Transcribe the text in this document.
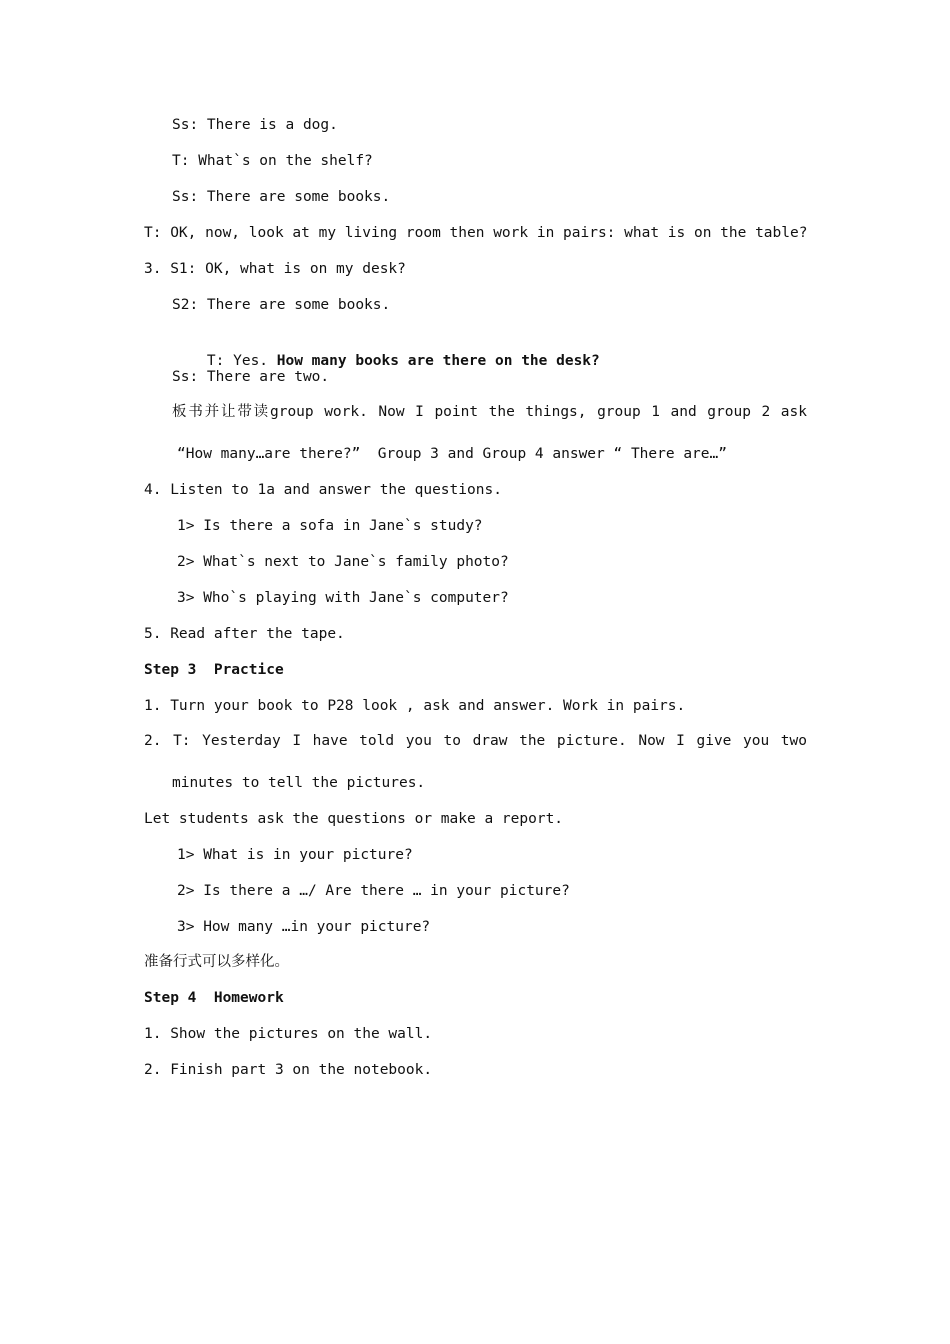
Ss: There is a dog.
T: What`s on the shelf?
Ss: There are some books.
T: OK, now, look at my living room then work in pairs: what is on the table?
3. S1: OK, what is on my desk?
S2: There are some books.

T: Yes. How many books are there on the desk?

Ss: There are two.
板书并让带读group work. Now I point the things, group 1 and group 2 ask
“How many…are there?”  Group 3 and Group 4 answer “ There are…”
4. Listen to 1a and answer the questions.
1> Is there a sofa in Jane`s study?
2> What`s next to Jane`s family photo?
3> Who`s playing with Jane`s computer?
5. Read after the tape.
Step 3  Practice
1. Turn your book to P28 look , ask and answer. Work in pairs.
2. T: Yesterday I have told you to draw the picture. Now I give you two
minutes to tell the pictures.
Let students ask the questions or make a report.
1> What is in your picture?
2> Is there a …/ Are there … in your picture?
3> How many …in your picture?
准备行式可以多样化。
Step 4  Homework
1. Show the pictures on the wall.
2. Finish part 3 on the notebook.
